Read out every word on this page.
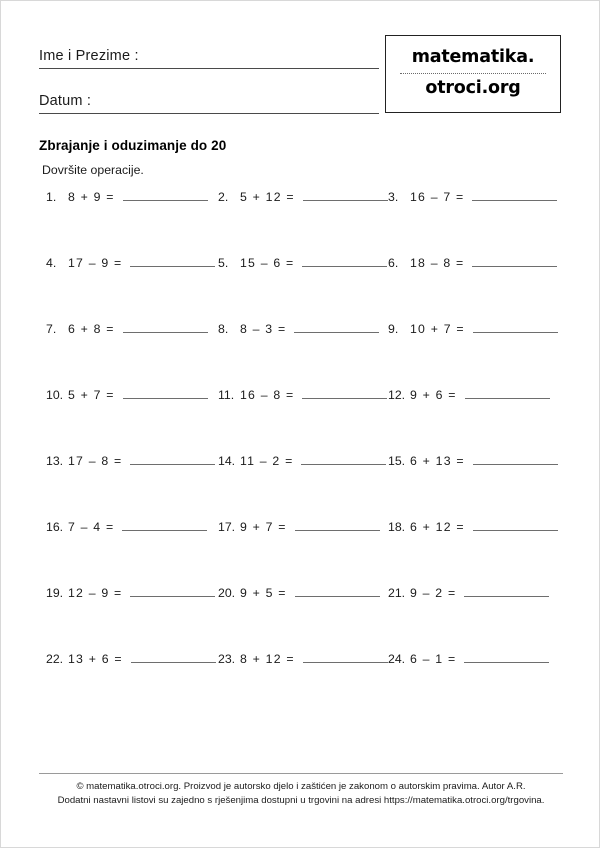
Ime i Prezime :
Datum :
matematika.
otroci.org
Zbrajanje i oduzimanje do 20
Dovršite operacije.
1. 8 + 9 =	2. 5 + 12 =	3. 16 – 7 =
4. 17 – 9 =	5. 15 – 6 =	6. 18 – 8 =
7. 6 + 8 =	8. 8 – 3 =	9. 10 + 7 =
10. 5 + 7 =	11. 16 – 8 =	12. 9 + 6 =
13. 17 – 8 =	14. 11 – 2 =	15. 6 + 13 =
16. 7 – 4 =	17. 9 + 7 =	18. 6 + 12 =
19. 12 – 9 =	20. 9 + 5 =	21. 9 – 2 =
22. 13 + 6 =	23. 8 + 12 =	24. 6 – 1 =
© matematika.otroci.org. Proizvod je autorsko djelo i zaštićen je zakonom o autorskim pravima. Autor A.R.
Dodatni nastavni listovi su zajedno s rješenjima dostupni u trgovini na adresi https://matematika.otroci.org/trgovina.
